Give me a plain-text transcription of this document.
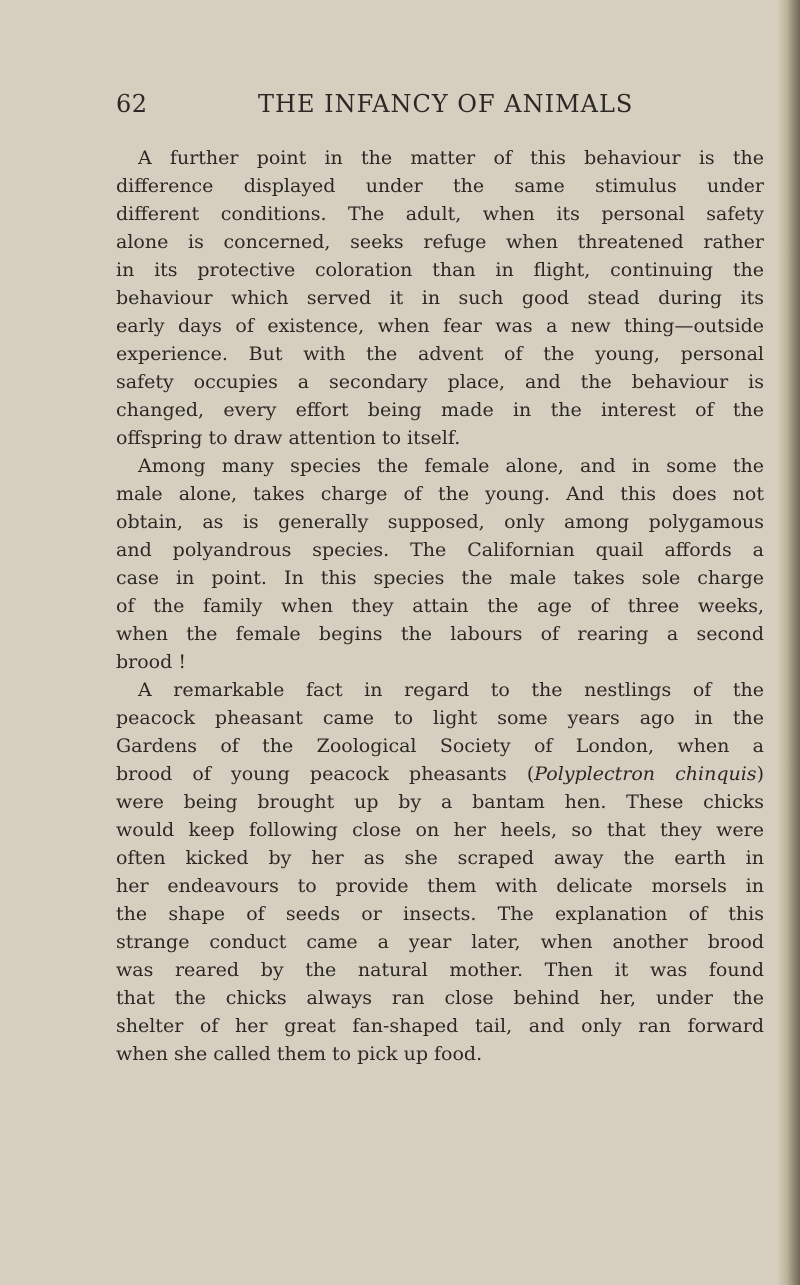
62	THE INFANCY OF ANIMALS
A further point in the matter of this behaviour is the
difference displayed under the same stimulus under
different conditions. The adult, when its personal safety
alone is concerned, seeks refuge when threatened rather
in its protective coloration than in flight, continuing the
behaviour which served it in such good stead during its
early days of existence, when fear was a new thing—outside
experience. But with the advent of the young, personal
safety occupies a secondary place, and the behaviour is
changed, every effort being made in the interest of the
offspring to draw attention to itself.
Among many species the female alone, and in some the
male alone, takes charge of the young. And this does not
obtain, as is generally supposed, only among polygamous
and polyandrous species. The Californian quail affords a
case in point. In this species the male takes sole charge
of the family when they attain the age of three weeks,
when the female begins the labours of rearing a second
brood !
A remarkable fact in regard to the nestlings of the
peacock pheasant came to light some years ago in the
Gardens of the Zoological Society of London, when a
brood of young peacock pheasants (Polyplectron chinquis)
were being brought up by a bantam hen. These chicks
would keep following close on her heels, so that they were
often kicked by her as she scraped away the earth in
her endeavours to provide them with delicate morsels in
the shape of seeds or insects. The explanation of this
strange conduct came a year later, when another brood
was reared by the natural mother. Then it was found
that the chicks always ran close behind her, under the
shelter of her great fan-shaped tail, and only ran forward
when she called them to pick up food.
